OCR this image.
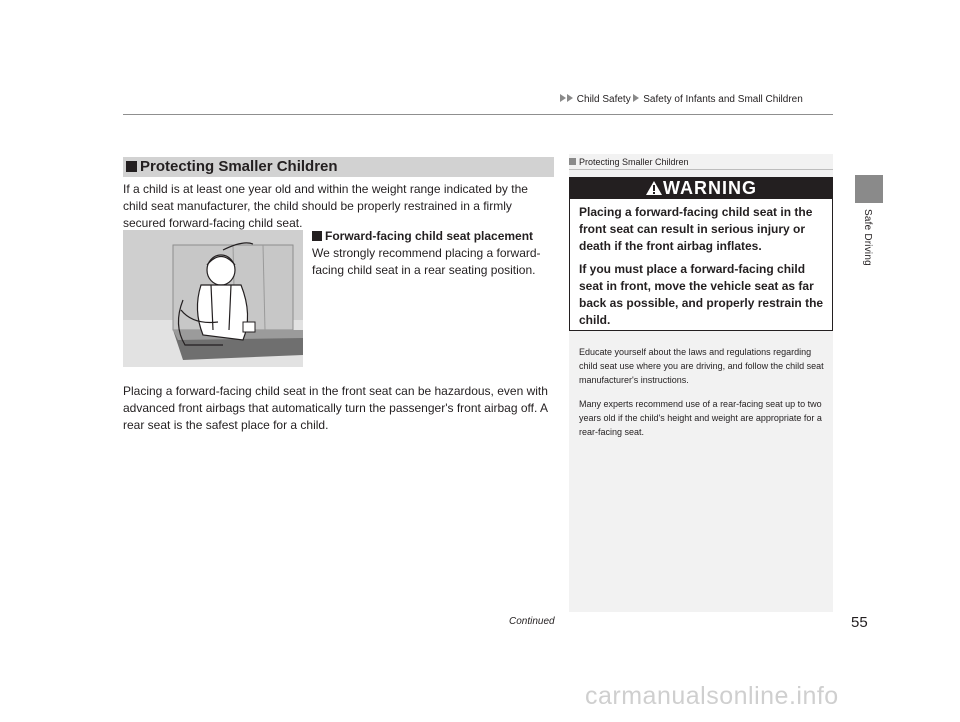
Child Safety Safety of Infants and Small Children
Safe Driving
Protecting Smaller Children
If a child is at least one year old and within the weight range indicated by the child seat manufacturer, the child should be properly restrained in a firmly secured forward-facing child seat.
Forward-facing child seat placement
We strongly recommend placing a forward-facing child seat in a rear seating position.
Placing a forward-facing child seat in the front seat can be hazardous, even with advanced front airbags that automatically turn the passenger's front airbag off. A rear seat is the safest place for a child.
Protecting Smaller Children
WARNING
Placing a forward-facing child seat in the front seat can result in serious injury or death if the front airbag inflates.
If you must place a forward-facing child seat in front, move the vehicle seat as far back as possible, and properly restrain the child.
Educate yourself about the laws and regulations regarding child seat use where you are driving, and follow the child seat manufacturer's instructions.
Many experts recommend use of a rear-facing seat up to two years old if the child's height and weight are appropriate for a rear-facing seat.
Continued	55
carmanualsonline.info
